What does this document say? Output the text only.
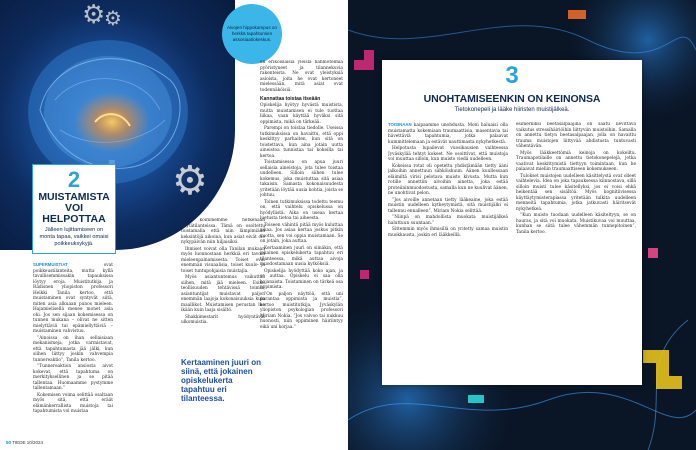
Aivojen hippokampus on herkkä tapahtumien assosiaatiokeskus.
⚙
⚙
⚙
2
MUISTAMISTA VOI HELPOTTAA
Jälleen lujittamiseen on monta tapaa, vaikkei omaisi poikkeuksykyjä.

SUPERMUISTIAT	ovat poikkeustilanteita, mutta kyllä tavallisemmissakin tapauksissa löytyy eroja. Muistitutkija ja Rädisnen yliopiston professori Heikki Tanila kertoo, että muistaminen ovat syntyvät siitä, miten asia alkuaan punos mieleen. Hajamielisellä menee monet asia ohi. Jos sen sijaan kokemisessa on tunnen mukana – olivat ne sitten mielyttäviä tai epämiellyttäviä – muistaminen vahvistuu.

”Ainoissa on ihan sellaisiaan mekanismeja, jotka varmistavat, että tapahtumasta jää jälki, kun siihen liittyy joskin vahvempia tunnereaktio”, Tanila kertoo.

”Tunnereaktion ansiosta aivot kokevat, että tapahtuma on merkityksellinen ja se pitää tallentaa. Huomaamme pystymme tallentamaan.”

Kokemisen voima selittää osaltaan myös sitä, että eräät elämänkerrallista muistoja tai tapahtumista voi muistaa

ja koimmemme hetkenaan pöytätilanteissa. Tämä on osoitettu toistamalla että niin lämpimiään keksintöjä aikoina, kun asiat eivät ole nykypäivän niin hiljaisiksi.

Ihmiset voivat olla Tanilan mukaan myös luonnostaan herkkiä eri tavoin mieleenpainamisesta. Toiset ovat enemmän visuaalisia, toiset kuulo- ja toiset tuntupohjaisia muistajia.

Myös asiantuntemus vaikuttaa siihen, mitä jää mieleen. Esim. teollisuuden tehtävissä toimia, asiantuntijat muistavat paljon enemmän laajoja kokonaisuuksia kuin maallikot. Muistamisen perustan luo ikään kuin laaja sisältö.

Shakkimestarit hyödyntävät ulkomuistia.

Kertaaminen juuri on siinä, että jokainen opiskelukerta tapahtuu eri tilanteessa.

eli erikoislaisia yleislä hahmotelmia pyöristyneet ja tilannekuvia rakenteista. Ne ovat yleistyksiä asioista, joita he ovat kertoneet mielessään, mitä asiat ovat todennäköisiä.

Kannattaa toistaa itseään

Opiskelija hyötyy hyvästä muistista, mutta muistamisen ei tule tuottaa liikaa, vaan käyttää hyväksi sitä oppimista, mikä on tärkeää.

Parempi on toistaa tiedolle. Useissa tutkimuksissa on havaittu, että oppi keskittyy parhaiten, kun sitä on toistettava, kun aina jotain uutta aineistoa tunnistaa tai kokeilla tai kertoa.

Toistamisessa on apua juuri sellaisia aineistoja, jota tulee toistaa uudelleen. Silloin siihen tulee kokemus, joka muistuttaa sitä asiaa takaisin. Samasta kokonaisuudesta yritetään löytää uusia kohtia, joista se johtuu.

Toinen tutkimuksissa todettu teemu on, että vaihtelu opiskelussa on hyödyllistä. Aika on useaa kertaa luetusta tietoa tai aiheesta.

Toiseen vähintä pitää myös kuluttaa aikaa. Jos asiaa kertaa joskus pitkin vuotta, sen voi oppia muistamaan. Se on jotain, joka auttaa.

Kertaaminen juuri on siinäkin, että jokainen opiskelukerta tapahtuu eri tilanteessa, mikä auttaa aivoja muodostamaan uusia kytköksiä.

Opiskelija hyödyttää koko ajan, ja se auttaa. Opiskelu ei saa olla hajanaista. Toistaminen on tärkeä osa oppimista.

”On paljon näyttöä, että uni parantaa oppimista ja muistia”, kertoo muistitutkija, Jyväskylän yliopiston psykologian professori Miriam Nokia. ”Jos valvoo tai nukkuu huonosti, niin oppiminen häiriintyy eikä uni korjaa.”

50 TIEDE 10/2024
3
UNOHTAMISEENKIN ON KEINONSA
Tietokonepeli ja lääke hiiristen muistijälkeä.

TOISINAAN kaipaamme unohdusta. Moni haluaisi olla muistamatta kokemiaan traumaattisia, masentavia tai hävettäviä tapahtumia, jotka palaavat kummittelemaan ja estävät nauttimasta nykyhetkestä.

Helpotusta lupailevat vuosikausien vaihteessa Jyväskylää tehtyt kokeet. Ne osoittivat, että muistoja voi muuttaa silloin, kun muisto viedä uudelleen.

Kokeissa rotat oli opetettu yhdistämään tietty ääni jalkoihin annettuun sähköiskuun. Äänen kuullessaan eläimiltä virisi pelotava muisto kivusta. Mutta kun rotille annettiin aivoihin ainetta, joka estää proteiininmuodostusta, samalla kun ne kuulivat äänen, ne unohtivat pelon.

”Jos aivoille annetaan tietty lääkeaine, joka estää muistin uudelleen kytkeytymistä, sitä muistijälki ei tallennu ennalleen”, Miriam Nokia selittää.

”Niinpä on mahdollista muokata muistijälkeä haluttuun suuntaan.”

Sittemmin myös ihmisillä on yritetty samaa muistin muokkausta, joskin eri lääkkeillä.

esimerkiksi beetasalpaajilla on saatu lievittävä vaikutus stressihäiriöihin liittyviin muistoihin. Samalla on annettu tietyn beetasalpaajan, jolla on havaittu trauma muistojen liittyvää ahdistusta tuntuvasti vähentävän.

Myös lääkkeettömiä keinoja on kokeiltu. Traumapotilaille on annettu tietokonepelejä, jotka vaativat keskittymistä tiettyyn toimintaan, kun he palaavat mieliin traumaattiseen kokemukseen.

Tulokset muistojen uudelleen käsittelystä ovat olleet vaihtelevia. Idea on joka tapauksessa kiinnostava, sillä silloin muisti tulee käsitellyksi, jos ei voisi ehkä heikentää sen sisältöä. Myös kognitiivisessa käyttäytymisterapiassa yritetään tulkita uudelleen menneitä tapahtumia, jotka jatkuvasti häiritsevät nykyhetkeä.

”Kun muisto tuodaan uudelleen käsiteltyyn, se on hauras, ja sitä voi muokata. Muistikuvaa voi muuttaa, kunhan se siitä tulee vähemmän tunnepitoinen”, Tanila kertoo.
